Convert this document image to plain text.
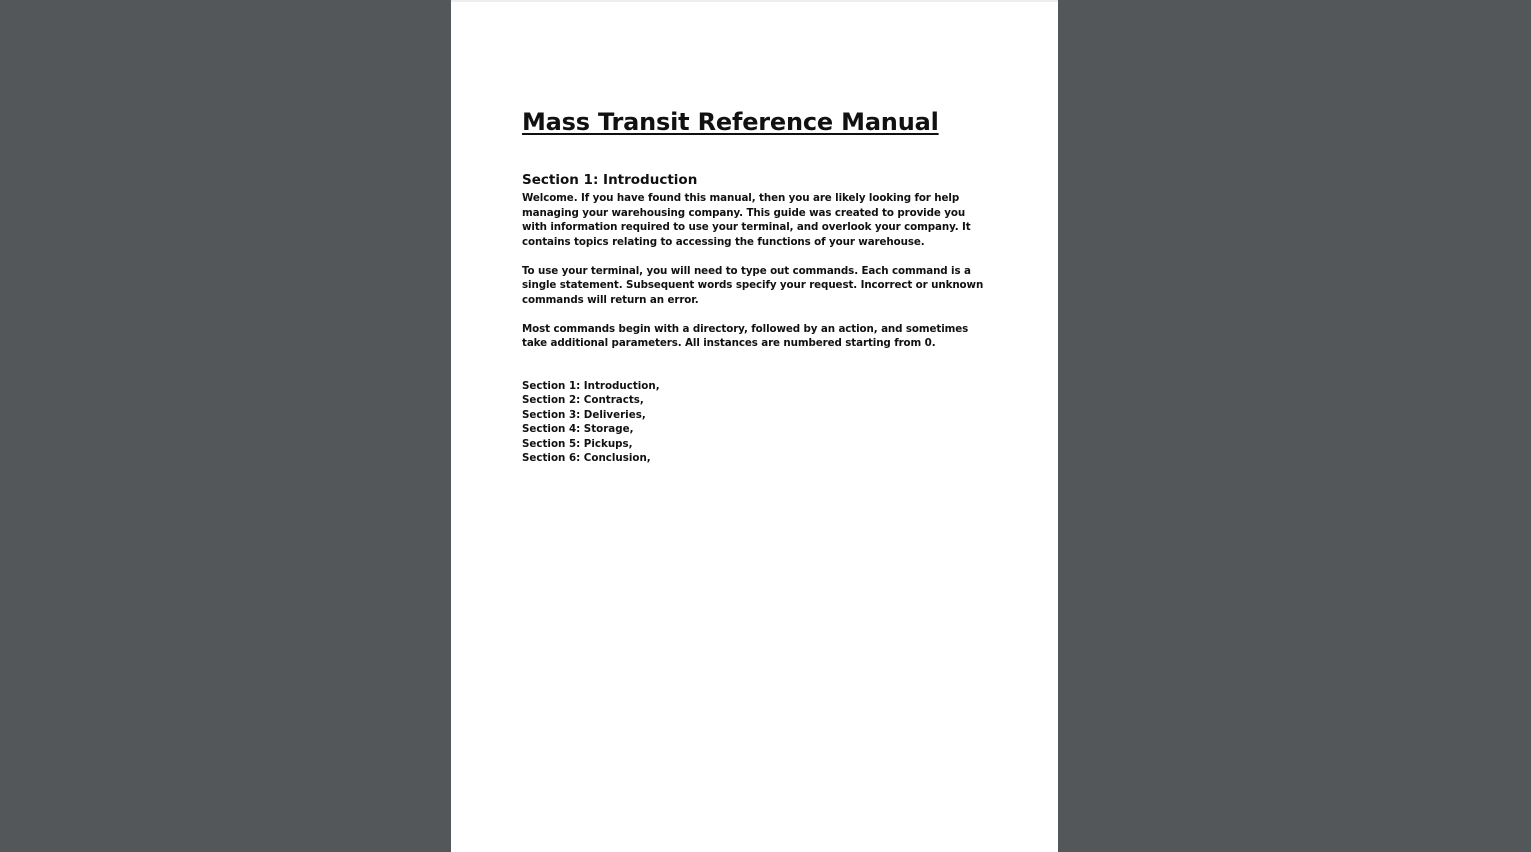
Mass Transit Reference Manual
Section 1: Introduction

Welcome. If you have found this manual, then you are likely looking for help managing your warehousing company. This guide was created to provide you with information required to use your terminal, and overlook your company. It contains topics relating to accessing the functions of your warehouse.

To use your terminal, you will need to type out commands. Each command is a single statement. Subsequent words specify your request. Incorrect or unknown commands will return an error.

Most commands begin with a directory, followed by an action, and sometimes take additional parameters. All instances are numbered starting from 0.

Section 1: Introduction,
Section 2: Contracts,
Section 3: Deliveries,
Section 4: Storage,
Section 5: Pickups,
Section 6: Conclusion,
